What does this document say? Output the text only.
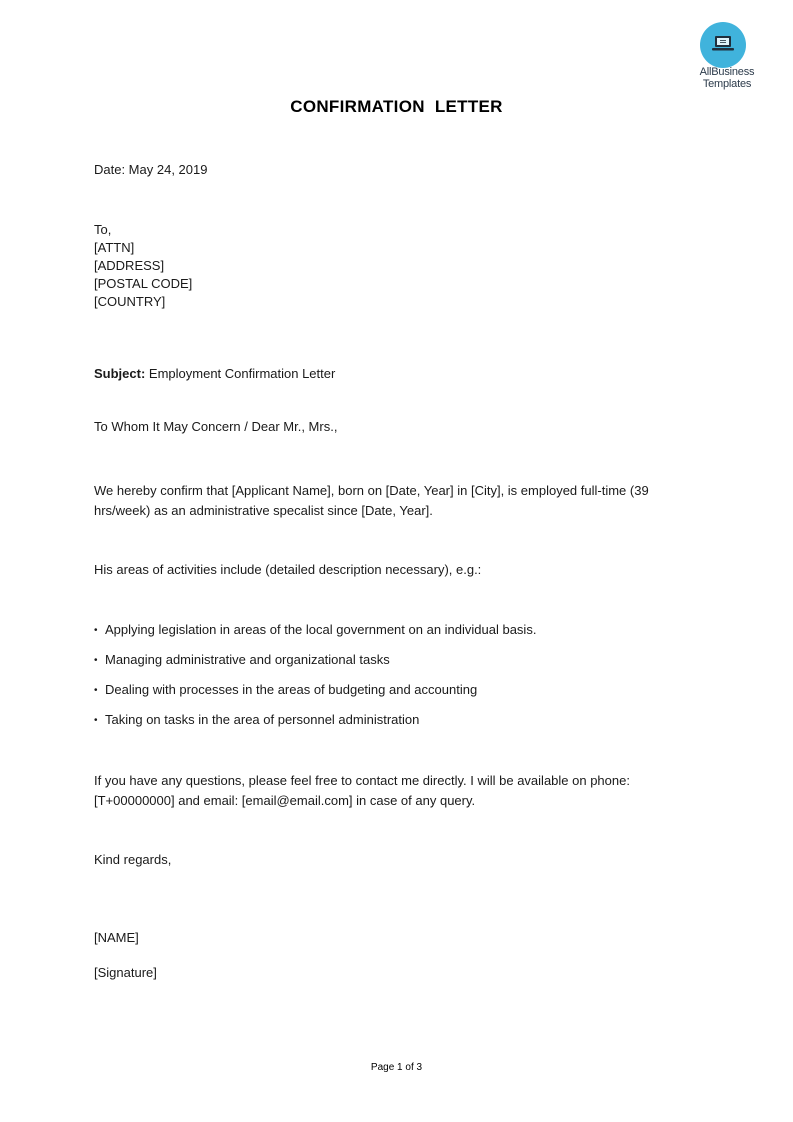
AllBusiness
Templates
CONFIRMATION  LETTER
Date: May 24, 2019
To,
[ATTN]
[ADDRESS]
[POSTAL CODE]
[COUNTRY]
Subject: Employment Confirmation Letter
To Whom It May Concern / Dear Mr., Mrs.,
We hereby confirm that [Applicant Name], born on [Date, Year] in [City], is employed full-time (39 hrs/week) as an administrative specalist since [Date, Year].
His areas of activities include (detailed description necessary), e.g.:
• Applying legislation in areas of the local government on an individual basis.
• Managing administrative and organizational tasks
• Dealing with processes in the areas of budgeting and accounting
• Taking on tasks in the area of personnel administration
If you have any questions, please feel free to contact me directly. I will be available on phone: [T+00000000] and email: [email@email.com] in case of any query.
Kind regards,
[NAME]
[Signature]
Page 1 of 3
